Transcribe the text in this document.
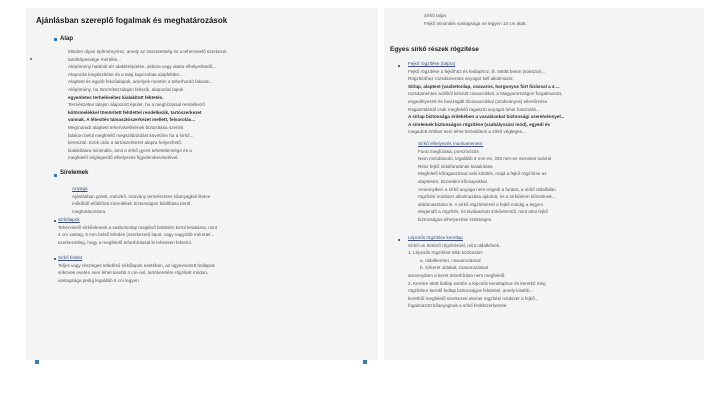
Ajánlásban szereplő fogalmak és meghatározások
Alap
Minden olyan építményrész, amely az összetettség és a teherviselő szerkezet
tartóképessége mértéke...
Alépítmény határolt tér alaktérépítése, akkora vagy alatta elhelyezkedő...
Alapozás kiegészítése és a talaj kapcsolata alapfelület...
Alaptest és egyéb fekvőalapok, amelyek mentén a teherhordó falazat...
Alépítmény, ha tömörített talajon fekszik, alapozási lapok
egyenletes terheléséhez kialakított fektetés.
Természetes talajon alapozott épület, ha a megbízással rendelkező
kőtörmelékkel tömörített felülettel rendelkezik, tartószerkezet
vannak. A létesítés támasztószerkezet mellett, felsorolás...
Megmaradt alaptest teherviselésének biztosítása szerinti
falakon belül megfelelő megszilárdulást követően ha a sírkő...
keresztül. Ezek után a tartószerkezet alapra helyezhető.
kialakításra minimális, amit a sírkő gyors tehetetlensége és a
megfelelő véglegesítő elhelyezés figyelembevételével.
Sírelemek
Anyaga
Ajánlásban gránit, mészkő, márvány természetes kőanyagból illetve
műkőből előállított síremlékek biztonságos felállítása kerül
meghatározásra.
Sírkőlapok
Teherviselő sírkőelemek a vasbetonlap meglévő felületén kerül lerakásra, mint
4 cm vastag, 5 mm belső lefedés (szerkezeti) lapot, vagy nagyobb mérettel...
szerkezetileg, hogy a megfelelő teherbírással le lehessen fektetni.
Sírkő felület
Teljes vagy részleges lefedésű sírkőlapok esetében, az úgynevezett fedlapok
sírkövek esetén nem lehet kisebb 4 cm-nél, tartókeretére rögzített módon,
vastagsága pedig legalább 6 cm legyen.
Sírkő talpa
Fejkő minimális vastagsága ne legyen 10 cm alatt.
Egyes sírkő részek rögzítése
Fejkő rögzítése (talpra)
Fejkő rögzítése a fejkőhöz és fedlaphoz, ill. öntött beton (sokszor)...
Rögzítéshez rozsdamentes anyagot kell alkalmazni.
Sírlap, alaptest (vasbetonlap, csavaros, horgonyos fúrt fúrással a 4 ...
rozsdamentes acélból készült csavarokkal, a Magyarországon forgalmazott,
engedélyezett és bevizsgált tőcsavarokkal (szabványos) ellenőrzése.
Ragasztásnál csak megfelelő ragasztó anyagot lehet használni...
A sírlap biztonsága érdekében a vasalásokat biztonsági szerelvénnyel...
A sírelemek biztonságos rögzítése (szabályozási mód), egyedi és
megadott értéket sem lehet lerövidíteni a sírkő végleges...
Sírkő elhelyezés munkamenete:
Furat megfúrása, porszívózás
Nem rozsdásodó, legalább 8 mm-es, 200 mm-es menetes szárral
Rész fejkő oldalfuratának kialakítása
Megfelelő kőragasztóval való kitöltés, majd a fejkő rögzítése az
alaptestre, közvetlen kőcsapokkal.
Amennyiben a sírkő anyaga nem engedi a furatot, a sírkő oldalfalán
rögzítési módszer alkalmazása ajánlott, és a sírkőelem kőzetének...
alátámasztása is. A sírkő rögzítésénél a fejkő mindig a legyen
elegendő a rögzítés, és kiválasztott sírkőelemtől, mint ahol fejkő
biztonságos elhelyezése szükséges.
Lépcsős rögzítése keretlap
Sírkő-on történő rögzítésnél, mint oldalkőnek.
1. Lépcsős rögzítésé több közbezárt:
a. oldalkeretet, csavarozással
b. sírkeret oldalait, csavarozással
amennyiben a keret teherbírása nem megfelelő.
2. Keretre ütött fedlap esetén a lépcsős keretlaphoz és keretkő még
rögzítésre kerülő fedlap biztonságos felülettel, amely kisebb...
keretből megfelelő szerkezeti elemei rögzítési módszer a fejkő...
fogalmazott kőanyagnak a sírkő fedélszerkezete.
